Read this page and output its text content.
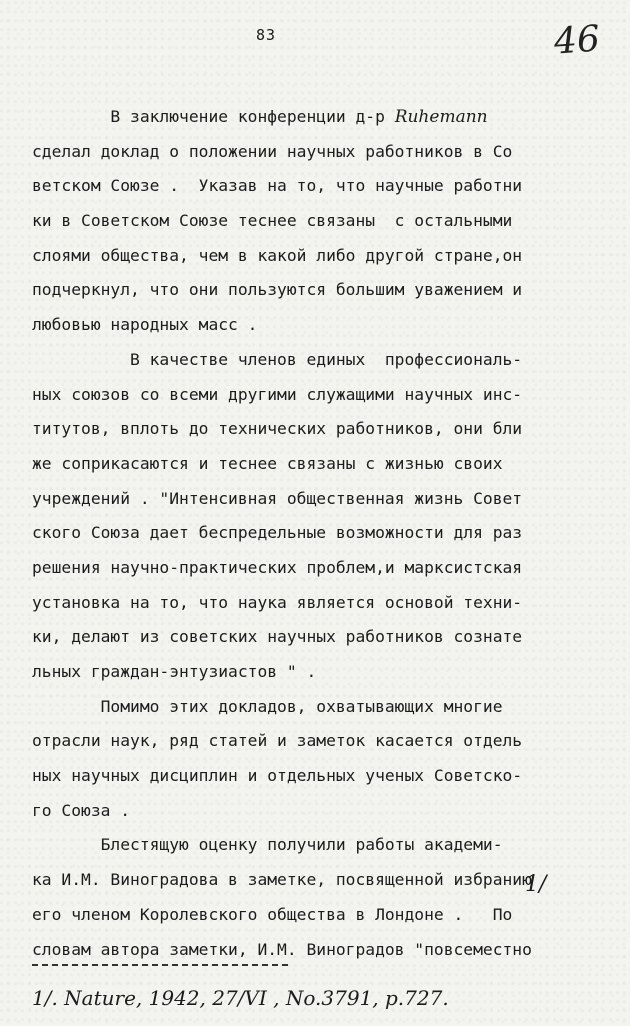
83	46
В заключение конференции д-р Ruhemann
сделал доклад о положении научных работников в Со
ветском Союзе .  Указав на то, что научные работни
ки в Советском Союзе теснее связаны  с остальными
слоями общества, чем в какой либо другой стране,он
подчеркнул, что они пользуются большим уважением и
любовью народных масс .
В качестве членов единых  профессиональ-
ных союзов со всеми другими служащими научных инс-
титутов, вплоть до технических работников, они бли
же соприкасаются и теснее связаны с жизнью своих
учреждений . "Интенсивная общественная жизнь Совет
ского Союза дает беспредельные возможности для раз
решения научно-практических проблем,и марксистская
установка на то, что наука является основой техни-
ки, делают из советских научных работников сознате
льных граждан-энтузиастов " .
Помимо этих докладов, охватывающих многие
отрасли наук, ряд статей и заметок касается отдель
ных научных дисциплин и отдельных ученых Советско-
го Союза .
Блестящую оценку получили работы академи-
ка И.М. Виноградова в заметке, посвященной избранию
его членом Королевского общества в Лондоне .   По
словам автора заметки, И.М. Виноградов "повсеместно
1/
1/. Nature, 1942, 27/VI , No.3791, p.727.
